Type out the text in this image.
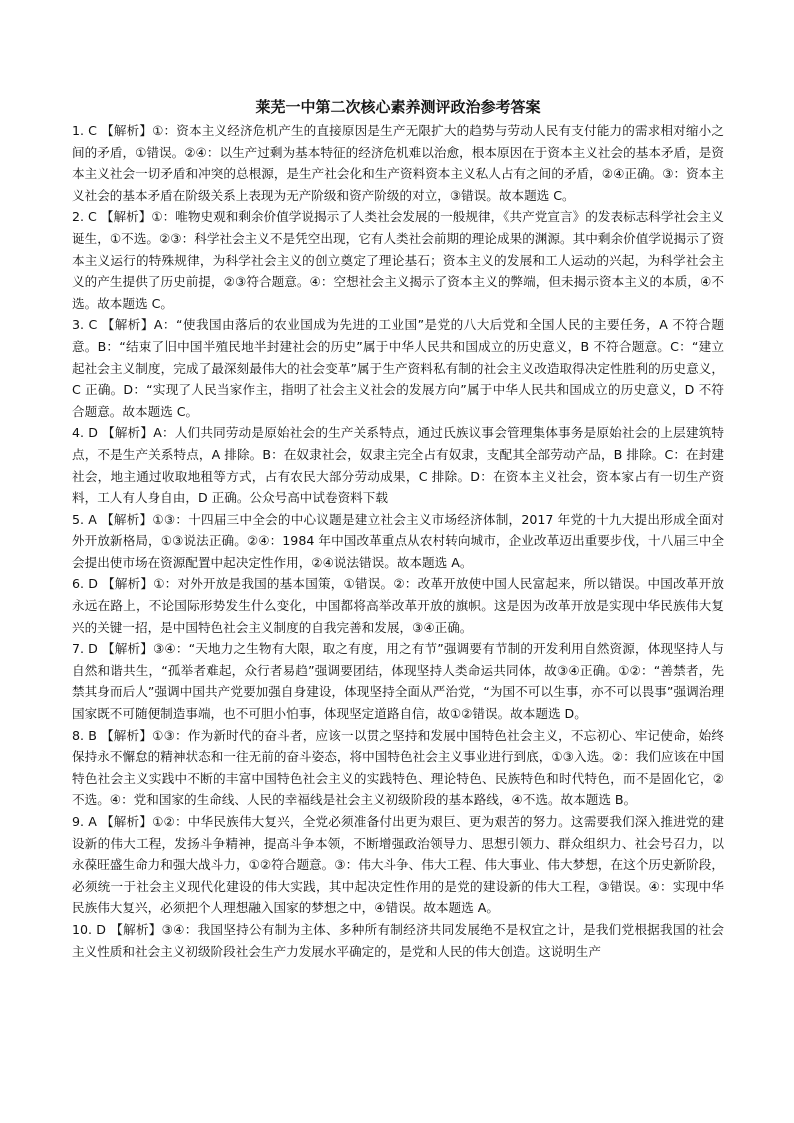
莱芜一中第二次核心素养测评政治参考答案

1. C 【解析】①：资本主义经济危机产生的直接原因是生产无限扩大的趋势与劳动人民有支付能力的需求相对缩小之间的矛盾，①错误。②④：以生产过剩为基本特征的经济危机难以治愈，根本原因在于资本主义社会的基本矛盾，是资本主义社会一切矛盾和冲突的总根源，是生产社会化和生产资料资本主义私人占有之间的矛盾，②④正确。③：资本主义社会的基本矛盾在阶级关系上表现为无产阶级和资产阶级的对立，③错误。故本题选 C。

2. C 【解析】①：唯物史观和剩余价值学说揭示了人类社会发展的一般规律，《共产党宣言》的发表标志科学社会主义诞生，①不选。②③：科学社会主义不是凭空出现，它有人类社会前期的理论成果的渊源。其中剩余价值学说揭示了资本主义运行的特殊规律，为科学社会主义的创立奠定了理论基石；资本主义的发展和工人运动的兴起，为科学社会主义的产生提供了历史前提，②③符合题意。④：空想社会主义揭示了资本主义的弊端，但未揭示资本主义的本质，④不选。故本题选 C。

3. C 【解析】A：“使我国由落后的农业国成为先进的工业国”是党的八大后党和全国人民的主要任务，A 不符合题意。B：“结束了旧中国半殖民地半封建社会的历史”属于中华人民共和国成立的历史意义，B 不符合题意。C：“建立起社会主义制度，完成了最深刻最伟大的社会变革”属于生产资料私有制的社会主义改造取得决定性胜利的历史意义，C 正确。D：“实现了人民当家作主，指明了社会主义社会的发展方向”属于中华人民共和国成立的历史意义，D 不符合题意。故本题选 C。

4. D 【解析】A：人们共同劳动是原始社会的生产关系特点，通过氏族议事会管理集体事务是原始社会的上层建筑特点，不是生产关系特点，A 排除。B：在奴隶社会，奴隶主完全占有奴隶，支配其全部劳动产品，B 排除。C：在封建社会，地主通过收取地租等方式，占有农民大部分劳动成果，C 排除。D：在资本主义社会，资本家占有一切生产资料，工人有人身自由，D 正确。公众号高中试卷资料下载

5. A 【解析】①③：十四届三中全会的中心议题是建立社会主义市场经济体制，2017 年党的十九大提出形成全面对外开放新格局，①③说法正确。②④：1984 年中国改革重点从农村转向城市，企业改革迈出重要步伐，十八届三中全会提出使市场在资源配置中起决定性作用，②④说法错误。故本题选 A。

6. D 【解析】①：对外开放是我国的基本国策，①错误。②：改革开放使中国人民富起来，所以错误。中国改革开放永远在路上，不论国际形势发生什么变化，中国都将高举改革开放的旗帜。这是因为改革开放是实现中华民族伟大复兴的关键一招，是中国特色社会主义制度的自我完善和发展，③④正确。

7. D 【解析】③④：“天地力之生物有大限，取之有度，用之有节”强调要有节制的开发利用自然资源，体现坚持人与自然和谐共生，“孤举者难起，众行者易趋”强调要团结，体现坚持人类命运共同体，故③④正确。①②：“善禁者，先禁其身而后人”强调中国共产党要加强自身建设，体现坚持全面从严治党，“为国不可以生事，亦不可以畏事”强调治理国家既不可随便制造事端，也不可胆小怕事，体现坚定道路自信，故①②错误。故本题选 D。

8. B 【解析】①③：作为新时代的奋斗者，应该一以贯之坚持和发展中国特色社会主义，不忘初心、牢记使命，始终保持永不懈怠的精神状态和一往无前的奋斗姿态，将中国特色社会主义事业进行到底，①③入选。②：我们应该在中国特色社会主义实践中不断的丰富中国特色社会主义的实践特色、理论特色、民族特色和时代特色，而不是固化它，②不选。④：党和国家的生命线、人民的幸福线是社会主义初级阶段的基本路线，④不选。故本题选 B。

9. A 【解析】①②：中华民族伟大复兴，全党必须准备付出更为艰巨、更为艰苦的努力。这需要我们深入推进党的建设新的伟大工程，发扬斗争精神，提高斗争本领，不断增强政治领导力、思想引领力、群众组织力、社会号召力，以永葆旺盛生命力和强大战斗力，①②符合题意。③：伟大斗争、伟大工程、伟大事业、伟大梦想，在这个历史新阶段，必须统一于社会主义现代化建设的伟大实践，其中起决定性作用的是党的建设新的伟大工程，③错误。④：实现中华民族伟大复兴，必须把个人理想融入国家的梦想之中，④错误。故本题选 A。

10. D 【解析】③④：我国坚持公有制为主体、多种所有制经济共同发展绝不是权宜之计，是我们党根据我国的社会主义性质和社会主义初级阶段社会生产力发展水平确定的，是党和人民的伟大创造。这说明生产
